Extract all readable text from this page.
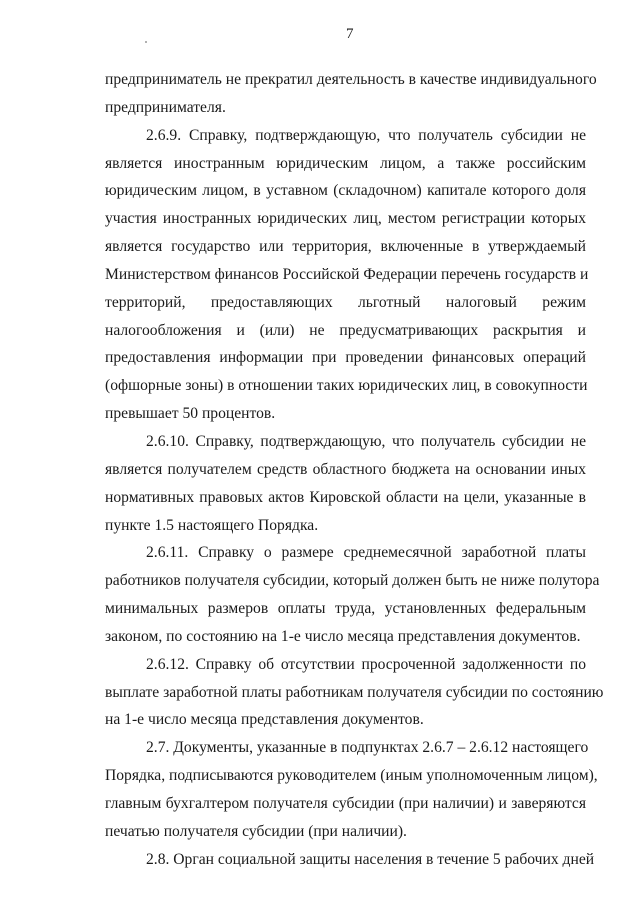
7
предприниматель не прекратил деятельность в качестве индивидуального
предпринимателя.
2.6.9. Справку, подтверждающую, что получатель субсидии не
является иностранным юридическим лицом, а также российским
юридическим лицом, в уставном (складочном) капитале которого доля
участия иностранных юридических лиц, местом регистрации которых
является государство или территория, включенные в утверждаемый
Министерством финансов Российской Федерации перечень государств и
территорий, предоставляющих льготный налоговый режим
налогообложения и (или) не предусматривающих раскрытия и
предоставления информации при проведении финансовых операций
(офшорные зоны) в отношении таких юридических лиц, в совокупности
превышает 50 процентов.
2.6.10. Справку, подтверждающую, что получатель субсидии не
является получателем средств областного бюджета на основании иных
нормативных правовых актов Кировской области на цели, указанные в
пункте 1.5 настоящего Порядка.
2.6.11. Справку о размере среднемесячной заработной платы
работников получателя субсидии, который должен быть не ниже полутора
минимальных размеров оплаты труда, установленных федеральным
законом, по состоянию на 1-е число месяца представления документов.
2.6.12. Справку об отсутствии просроченной задолженности по
выплате заработной платы работникам получателя субсидии по состоянию
на 1-е число месяца представления документов.
2.7. Документы, указанные в подпунктах 2.6.7 – 2.6.12 настоящего
Порядка, подписываются руководителем (иным уполномоченным лицом),
главным бухгалтером получателя субсидии (при наличии) и заверяются
печатью получателя субсидии (при наличии).
2.8. Орган социальной защиты населения в течение 5 рабочих дней
